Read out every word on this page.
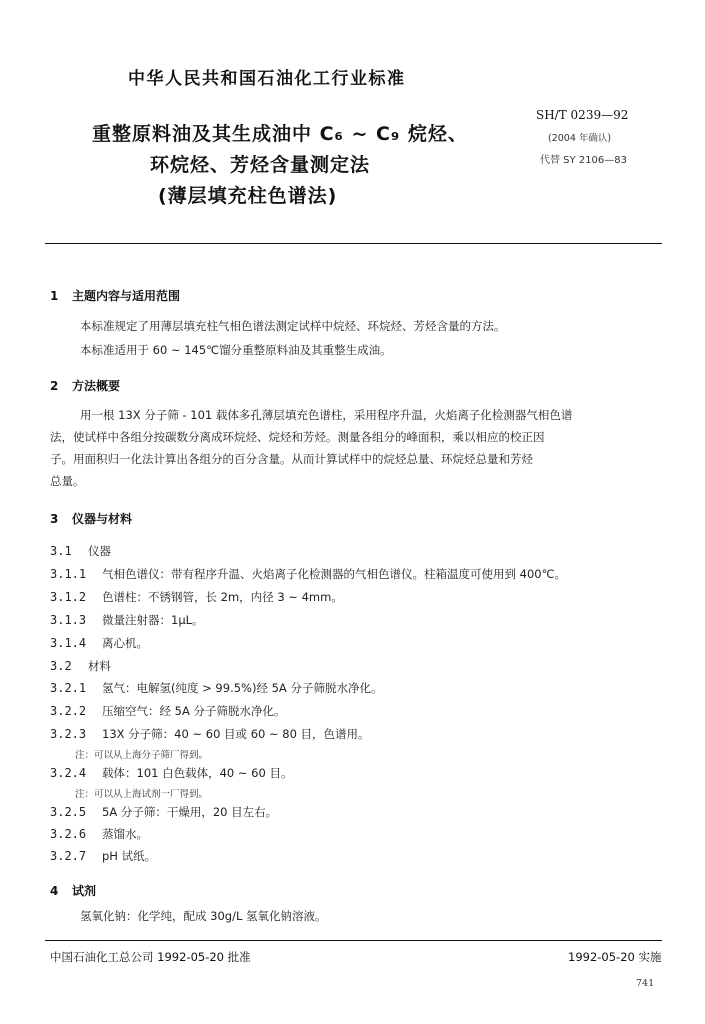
中华人民共和国石油化工行业标准
重整原料油及其生成油中 C₆ ~ C₉ 烷烃、
环烷烃、芳烃含量测定法
(薄层填充柱色谱法)
SH/T 0239—92
(2004 年确认)
代替 SY 2106—83
1 主题内容与适用范围
本标准规定了用薄层填充柱气相色谱法测定试样中烷烃、环烷烃、芳烃含量的方法。
本标准适用于 60 ~ 145℃馏分重整原料油及其重整生成油。
2 方法概要
用一根 13X 分子筛 - 101 载体多孔薄层填充色谱柱，采用程序升温，火焰离子化检测器气相色谱
法，使试样中各组分按碳数分离成环烷烃、烷烃和芳烃。测量各组分的峰面积，乘以相应的校正因
子。用面积归一化法计算出各组分的百分含量。从而计算试样中的烷烃总量、环烷烃总量和芳烃
总量。
3 仪器与材料
3.1 仪器
3.1.1 气相色谱仪：带有程序升温、火焰离子化检测器的气相色谱仪。柱箱温度可使用到 400℃。
3.1.2 色谱柱：不锈钢管，长 2m，内径 3 ~ 4mm。
3.1.3 微量注射器：1μL。
3.1.4 离心机。
3.2 材料
3.2.1 氢气：电解氢(纯度 > 99.5%)经 5A 分子筛脱水净化。
3.2.2 压缩空气：经 5A 分子筛脱水净化。
3.2.3 13X 分子筛：40 ~ 60 目或 60 ~ 80 目，色谱用。
注：可以从上海分子筛厂得到。
3.2.4 载体：101 白色载体，40 ~ 60 目。
注：可以从上海试剂一厂得到。
3.2.5 5A 分子筛：干燥用，20 目左右。
3.2.6 蒸馏水。
3.2.7 pH 试纸。
4 试剂
氢氧化钠：化学纯，配成 30g/L 氢氧化钠溶液。
中国石油化工总公司 1992-05-20 批准	1992-05-20 实施
741
